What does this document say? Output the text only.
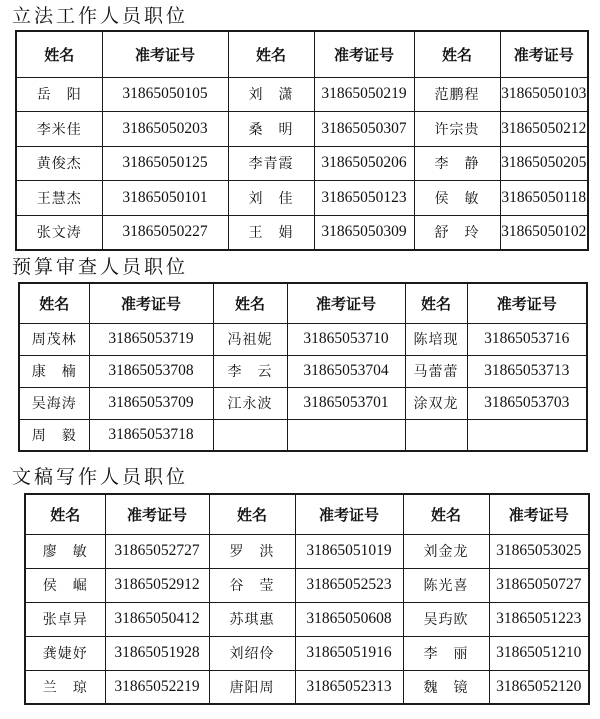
立法工作人员职位
姓名	准考证号	姓名	准考证号	姓名	准考证号
岳　阳	31865050105	刘　潇	31865050219	范鹏程	31865050103
李米佳	31865050203	桑　明	31865050307	许宗贵	31865050212
黄俊杰	31865050125	李青霞	31865050206	李　静	31865050205
王慧杰	31865050101	刘　佳	31865050123	侯　敏	31865050118
张文涛	31865050227	王　娟	31865050309	舒　玲	31865050102
预算审查人员职位
姓名	准考证号	姓名	准考证号	姓名	准考证号
周茂林	31865053719	冯祖妮	31865053710	陈培现	31865053716
康　楠	31865053708	李　云	31865053704	马蕾蕾	31865053713
吴海涛	31865053709	江永波	31865053701	涂双龙	31865053703
周　毅	31865053718				
文稿写作人员职位
姓名	准考证号	姓名	准考证号	姓名	准考证号
廖　敏	31865052727	罗　洪	31865051019	刘金龙	31865053025
侯　崛	31865052912	谷　莹	31865052523	陈光喜	31865050727
张卓异	31865050412	苏琪惠	31865050608	吴玙欧	31865051223
龚婕妤	31865051928	刘绍伶	31865051916	李　丽	31865051210
兰　琼	31865052219	唐阳周	31865052313	魏　镜	31865052120
